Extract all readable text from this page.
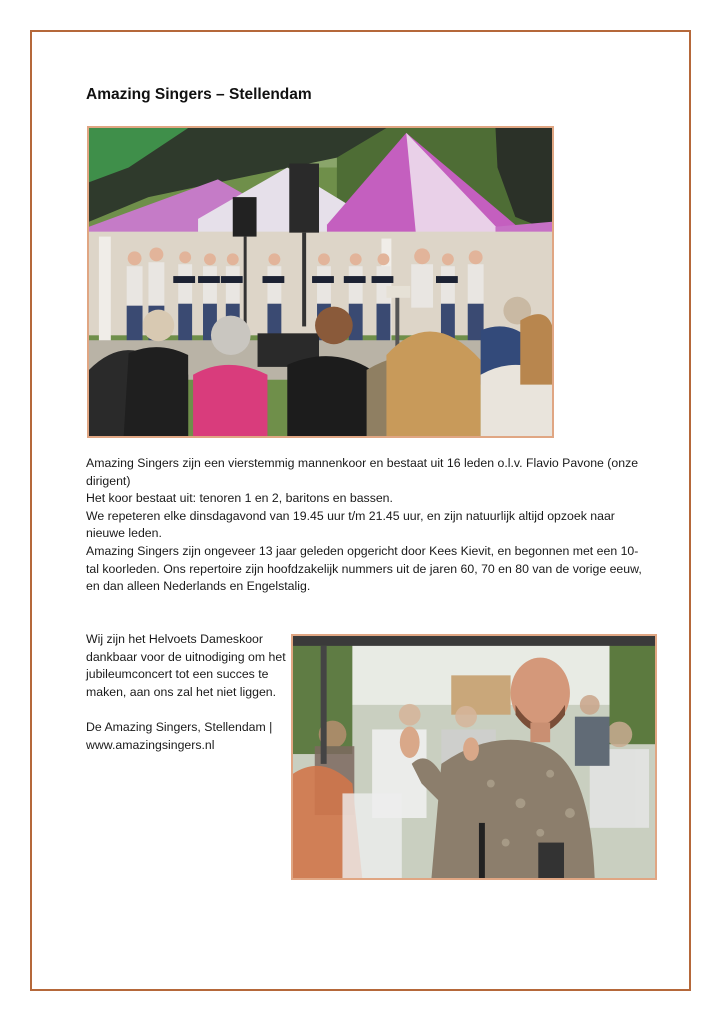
Amazing Singers – Stellendam

Amazing Singers zijn een vierstemmig mannenkoor en bestaat uit 16 leden o.l.v. Flavio Pavone (onze dirigent)

Het koor bestaat uit: tenoren 1 en 2, baritons en bassen.

We repeteren elke dinsdagavond van 19.45 uur t/m 21.45 uur, en zijn natuurlijk altijd opzoek naar nieuwe leden.

Amazing Singers zijn ongeveer 13 jaar geleden opgericht door Kees Kievit, en begonnen met een 10-tal koorleden. Ons repertoire zijn hoofdzakelijk nummers uit de jaren 60, 70 en 80 van de vorige eeuw, en dan alleen Nederlands en Engelstalig.

Wij zijn het Helvoets Dameskoor dankbaar voor de uitnodiging om het jubileumconcert tot een succes te maken, aan ons zal het niet liggen.

De Amazing Singers, Stellendam |

www.amazingsingers.nl
